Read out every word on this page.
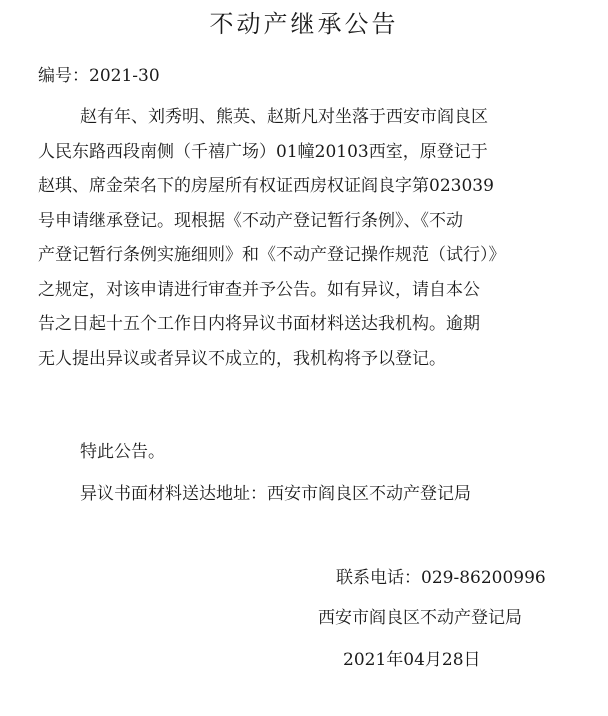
不动产继承公告
编号：2021-30
赵有年、刘秀明、熊英、赵斯凡对坐落于西安市阎良区
人民东路西段南侧（千禧广场）01幢20103西室，原登记于
赵琪、席金荣名下的房屋所有权证西房权证阎良字第023039
号申请继承登记。现根据《不动产登记暂行条例》、《不动
产登记暂行条例实施细则》和《不动产登记操作规范（试行）》
之规定，对该申请进行审查并予公告。如有异议，请自本公
告之日起十五个工作日内将异议书面材料送达我机构。逾期
无人提出异议或者异议不成立的，我机构将予以登记。
特此公告。
异议书面材料送达地址：西安市阎良区不动产登记局
联系电话：029-86200996
西安市阎良区不动产登记局
2021年04月28日
